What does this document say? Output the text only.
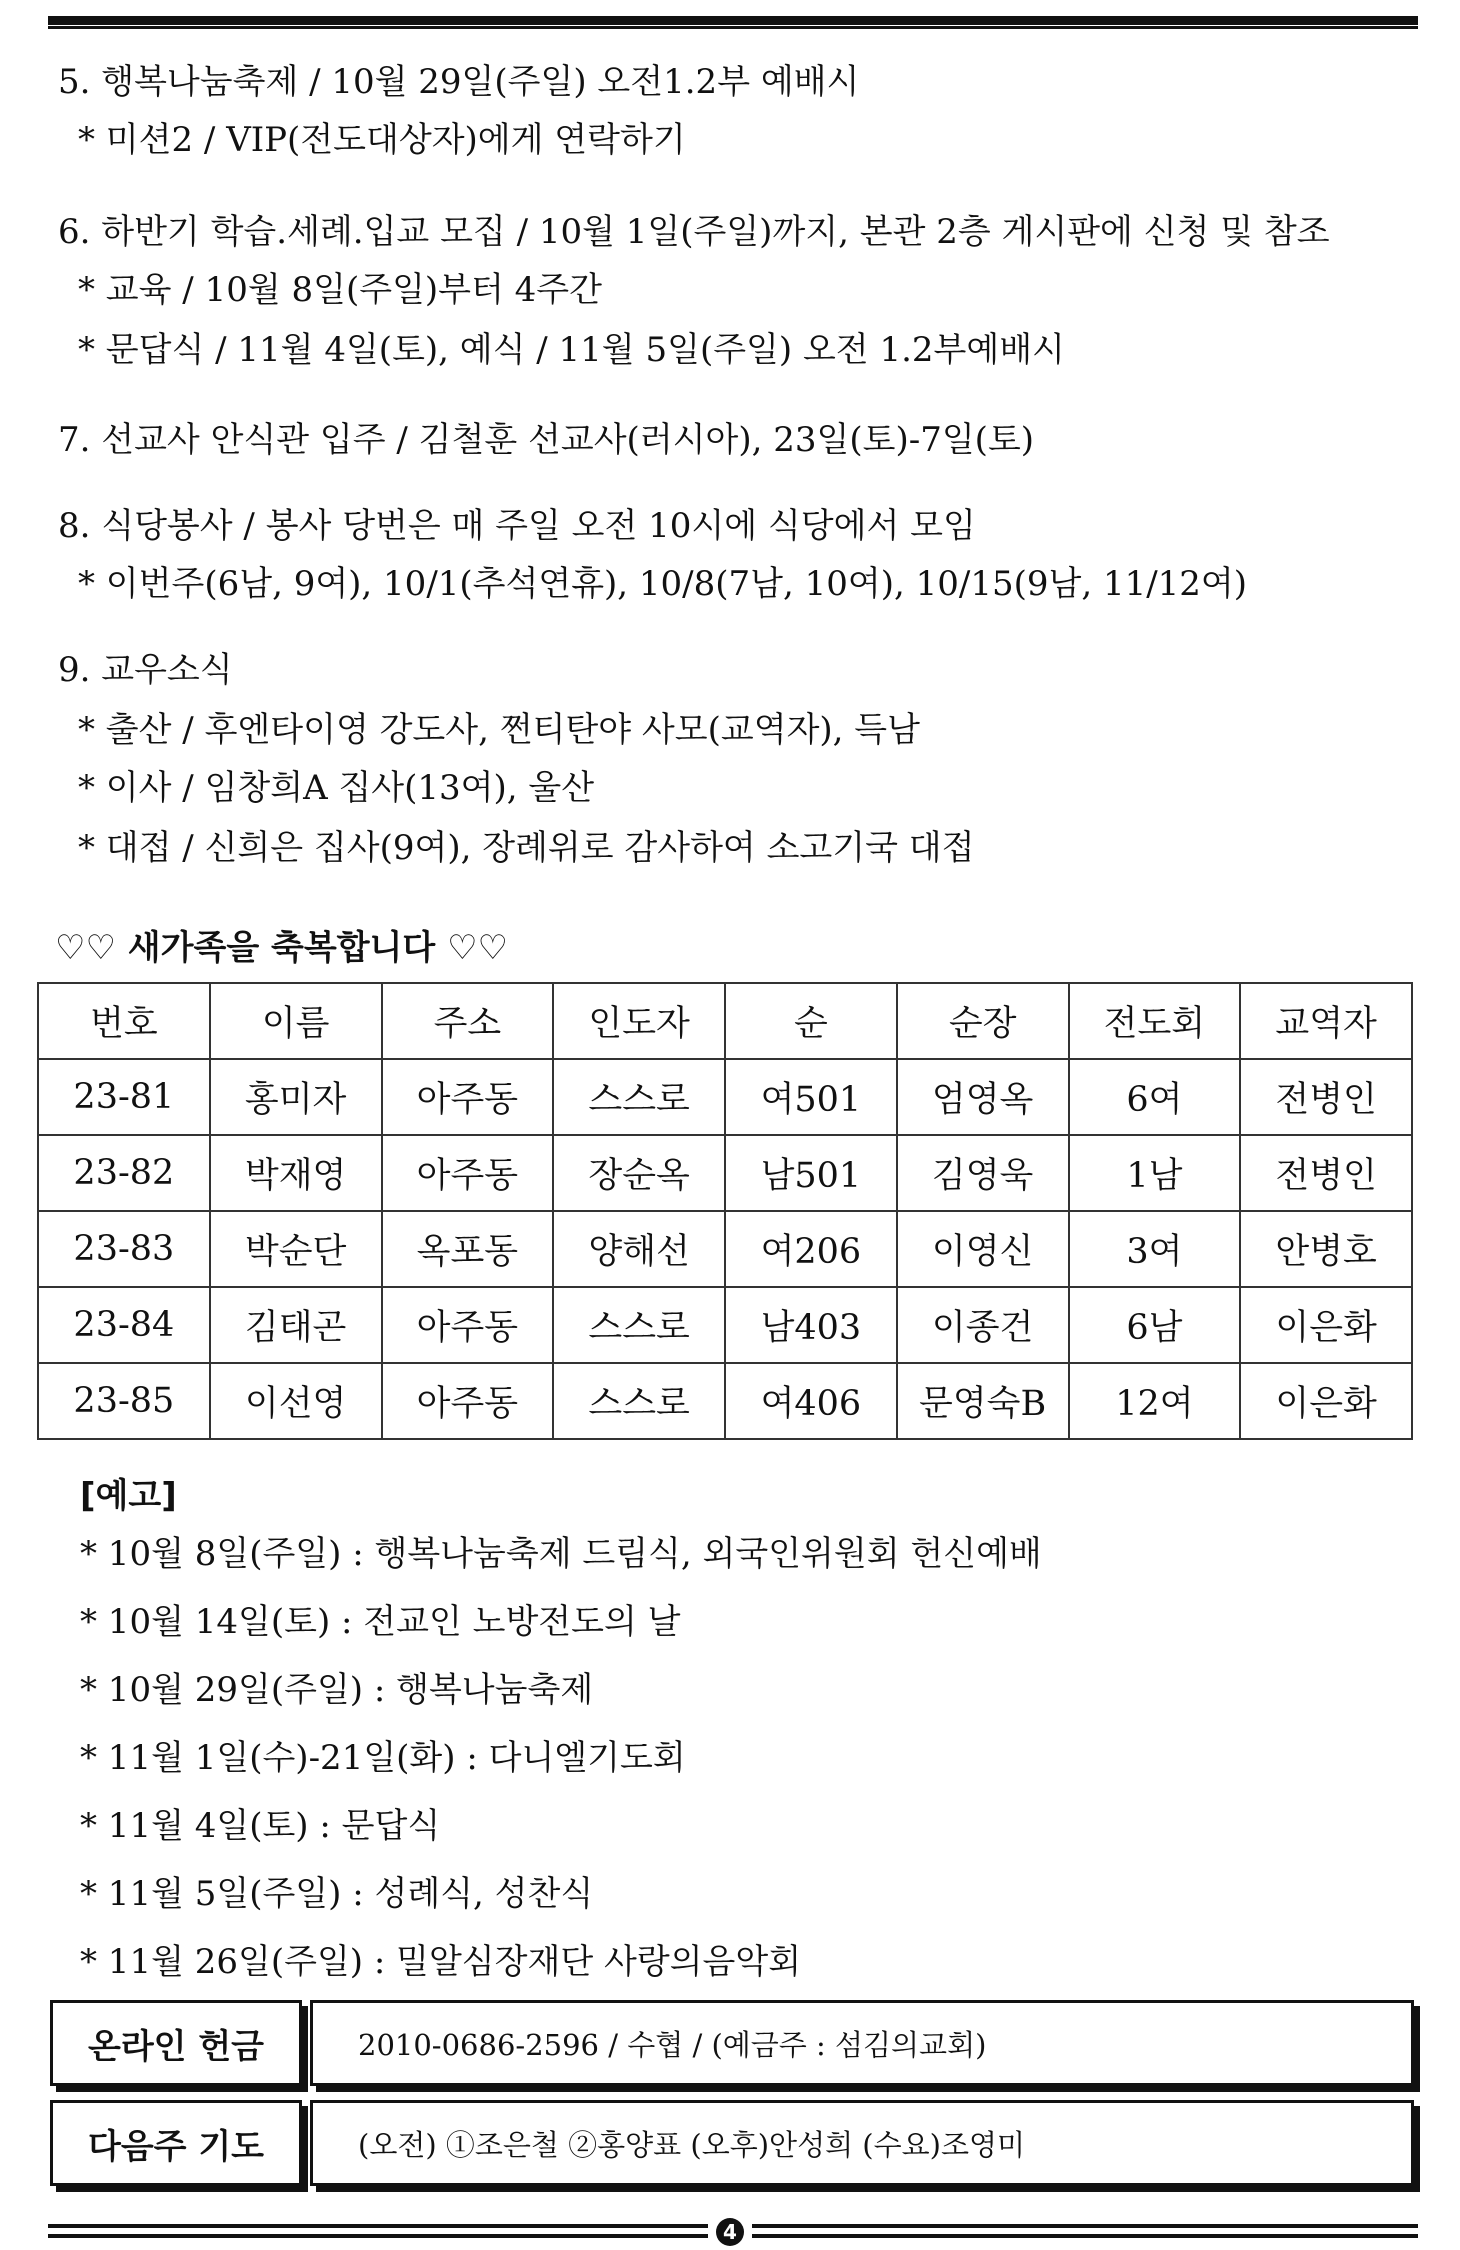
5. 행복나눔축제 / 10월 29일(주일) 오전1.2부 예배시
* 미션2 / VIP(전도대상자)에게 연락하기
6. 하반기 학습.세례.입교 모집 / 10월 1일(주일)까지, 본관 2층 게시판에 신청 및 참조
* 교육 / 10월 8일(주일)부터 4주간
* 문답식 / 11월 4일(토), 예식 / 11월 5일(주일) 오전 1.2부예배시
7. 선교사 안식관 입주 / 김철훈 선교사(러시아), 23일(토)-7일(토)
8. 식당봉사 / 봉사 당번은 매 주일 오전 10시에 식당에서 모임
* 이번주(6남, 9여), 10/1(추석연휴), 10/8(7남, 10여), 10/15(9남, 11/12여)
9. 교우소식
* 출산 / 후엔타이영 강도사, 쩐티탄야 사모(교역자), 득남
* 이사 / 임창희A 집사(13여), 울산
* 대접 / 신희은 집사(9여), 장례위로 감사하여 소고기국 대접
♡♡ 새가족을 축복합니다 ♡♡
번호	이름	주소	인도자	순	순장	전도회	교역자
23-81	홍미자	아주동	스스로	여501	엄영옥	6여	전병인
23-82	박재영	아주동	장순옥	남501	김영욱	1남	전병인
23-83	박순단	옥포동	양해선	여206	이영신	3여	안병호
23-84	김태곤	아주동	스스로	남403	이종건	6남	이은화
23-85	이선영	아주동	스스로	여406	문영숙B	12여	이은화
[예고]
* 10월 8일(주일) : 행복나눔축제 드림식, 외국인위원회 헌신예배
* 10월 14일(토) : 전교인 노방전도의 날
* 10월 29일(주일) : 행복나눔축제
* 11월 1일(수)-21일(화) : 다니엘기도회
* 11월 4일(토) : 문답식
* 11월 5일(주일) : 성례식, 성찬식
* 11월 26일(주일) : 밀알심장재단 사랑의음악회
온라인 헌금	2010-0686-2596 / 수협 / (예금주 : 섬김의교회)
다음주 기도	(오전) ①조은철 ②홍양표 (오후)안성희 (수요)조영미
4
